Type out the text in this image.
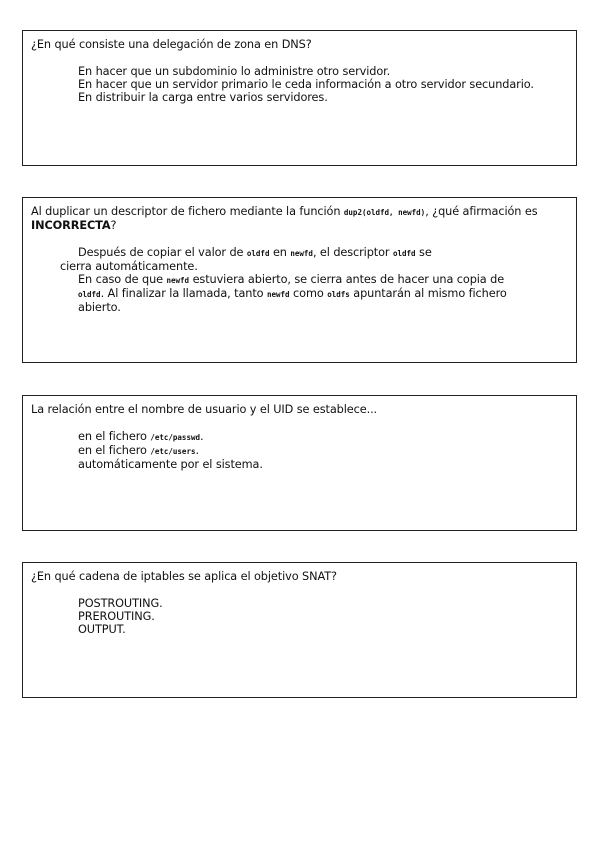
¿En qué consiste una delegación de zona en DNS?
En hacer que un subdominio lo administre otro servidor.
En hacer que un servidor primario le ceda información a otro servidor secundario.
En distribuir la carga entre varios servidores.
Al duplicar un descriptor de fichero mediante la función dup2(oldfd, newfd), ¿qué afirmación es INCORRECTA?
Después de copiar el valor de oldfd en newfd, el descriptor oldfd se
cierra automáticamente.
En caso de que newfd estuviera abierto, se cierra antes de hacer una copia de
oldfd. Al finalizar la llamada, tanto newfd como oldfs apuntarán al mismo fichero
abierto.
La relación entre el nombre de usuario y el UID se establece...
en el fichero /etc/passwd.
en el fichero /etc/users.
automáticamente por el sistema.
¿En qué cadena de iptables se aplica el objetivo SNAT?
POSTROUTING.
PREROUTING.
OUTPUT.
